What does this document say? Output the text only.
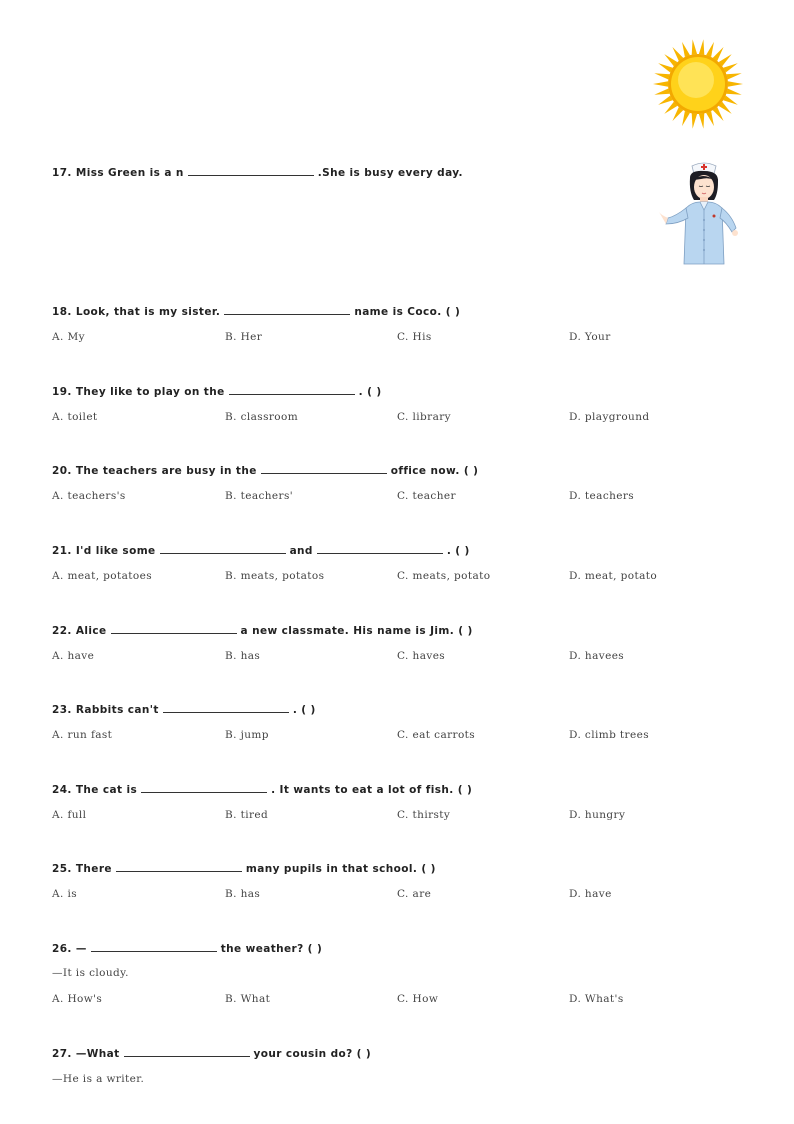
17. Miss Green is a n	.She is busy every day.
18. Look, that is my sister.	name is Coco. ( )
A. My	B. Her	C. His	D. Your
19. They like to play on the	. ( )
A. toilet	B. classroom	C. library	D. playground
20. The teachers are busy in the	office now. ( )
A. teachers's	B. teachers'	C. teacher	D. teachers
21. I'd like some	and	. ( )
A. meat, potatoes	B. meats, potatos	C. meats, potato	D. meat, potato
22. Alice	a new classmate. His name is Jim. ( )
A. have	B. has	C. haves	D. havees
23. Rabbits can't	. ( )
A. run fast	B. jump	C. eat carrots	D. climb trees
24. The cat is	. It wants to eat a lot of fish. ( )
A. full	B. tired	C. thirsty	D. hungry
25. There	many pupils in that school. ( )
A. is	B. has	C. are	D. have
26. —	the weather? ( )
—It is cloudy.
A. How's	B. What	C. How	D. What's
27. —What	your cousin do? ( )
—He is a writer.
